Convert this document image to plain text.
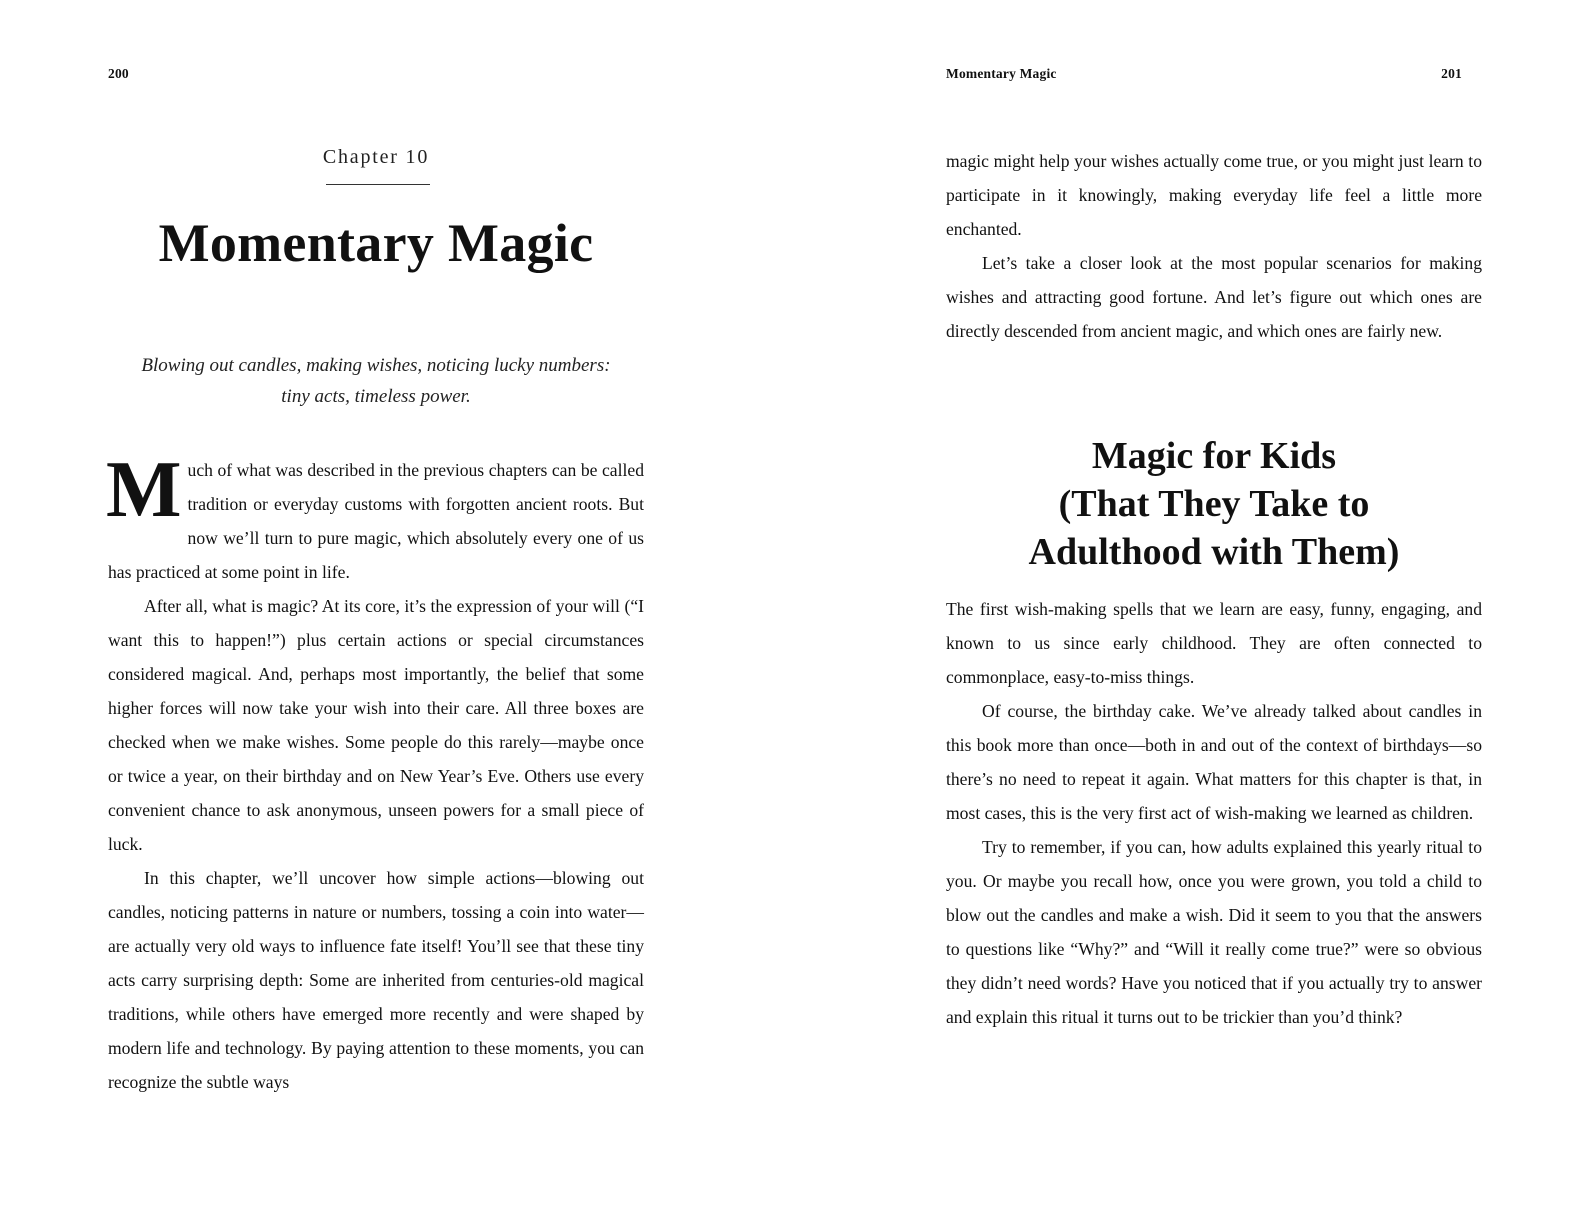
200
Chapter 10
Momentary Magic
Blowing out candles, making wishes, noticing lucky numbers:
tiny acts, timeless power.

Much of what was described in the previous chapters can be called tradition or everyday customs with forgotten ancient roots. But now we’ll turn to pure magic, which absolutely every one of us has practiced at some point in life.

After all, what is magic? At its core, it’s the expression of your will (“I want this to happen!”) plus certain actions or special circumstances considered magical. And, perhaps most importantly, the belief that some higher forces will now take your wish into their care. All three boxes are checked when we make wishes. Some people do this rarely—maybe once or twice a year, on their birthday and on New Year’s Eve. Others use every convenient chance to ask anonymous, unseen powers for a small piece of luck.

In this chapter, we’ll uncover how simple actions—blowing out candles, noticing patterns in nature or numbers, tossing a coin into water—are actually very old ways to influence fate itself! You’ll see that these tiny acts carry surprising depth: Some are inherited from centuries-old magical traditions, while others have emerged more recently and were shaped by modern life and technology. By paying attention to these moments, you can recognize the subtle ways

Momentary Magic	201

magic might help your wishes actually come true, or you might just learn to participate in it knowingly, making everyday life feel a little more enchanted.

Let’s take a closer look at the most popular scenarios for making wishes and attracting good fortune. And let’s figure out which ones are directly descended from ancient magic, and which ones are fairly new.

Magic for Kids
(That They Take to
Adulthood with Them)

The first wish-making spells that we learn are easy, funny, engaging, and known to us since early childhood. They are often connected to commonplace, easy-to-miss things.

Of course, the birthday cake. We’ve already talked about candles in this book more than once—both in and out of the context of birthdays—so there’s no need to repeat it again. What matters for this chapter is that, in most cases, this is the very first act of wish-making we learned as children.

Try to remember, if you can, how adults explained this yearly ritual to you. Or maybe you recall how, once you were grown, you told a child to blow out the candles and make a wish. Did it seem to you that the answers to questions like “Why?” and “Will it really come true?” were so obvious they didn’t need words? Have you noticed that if you actually try to answer and explain this ritual it turns out to be trickier than you’d think?
